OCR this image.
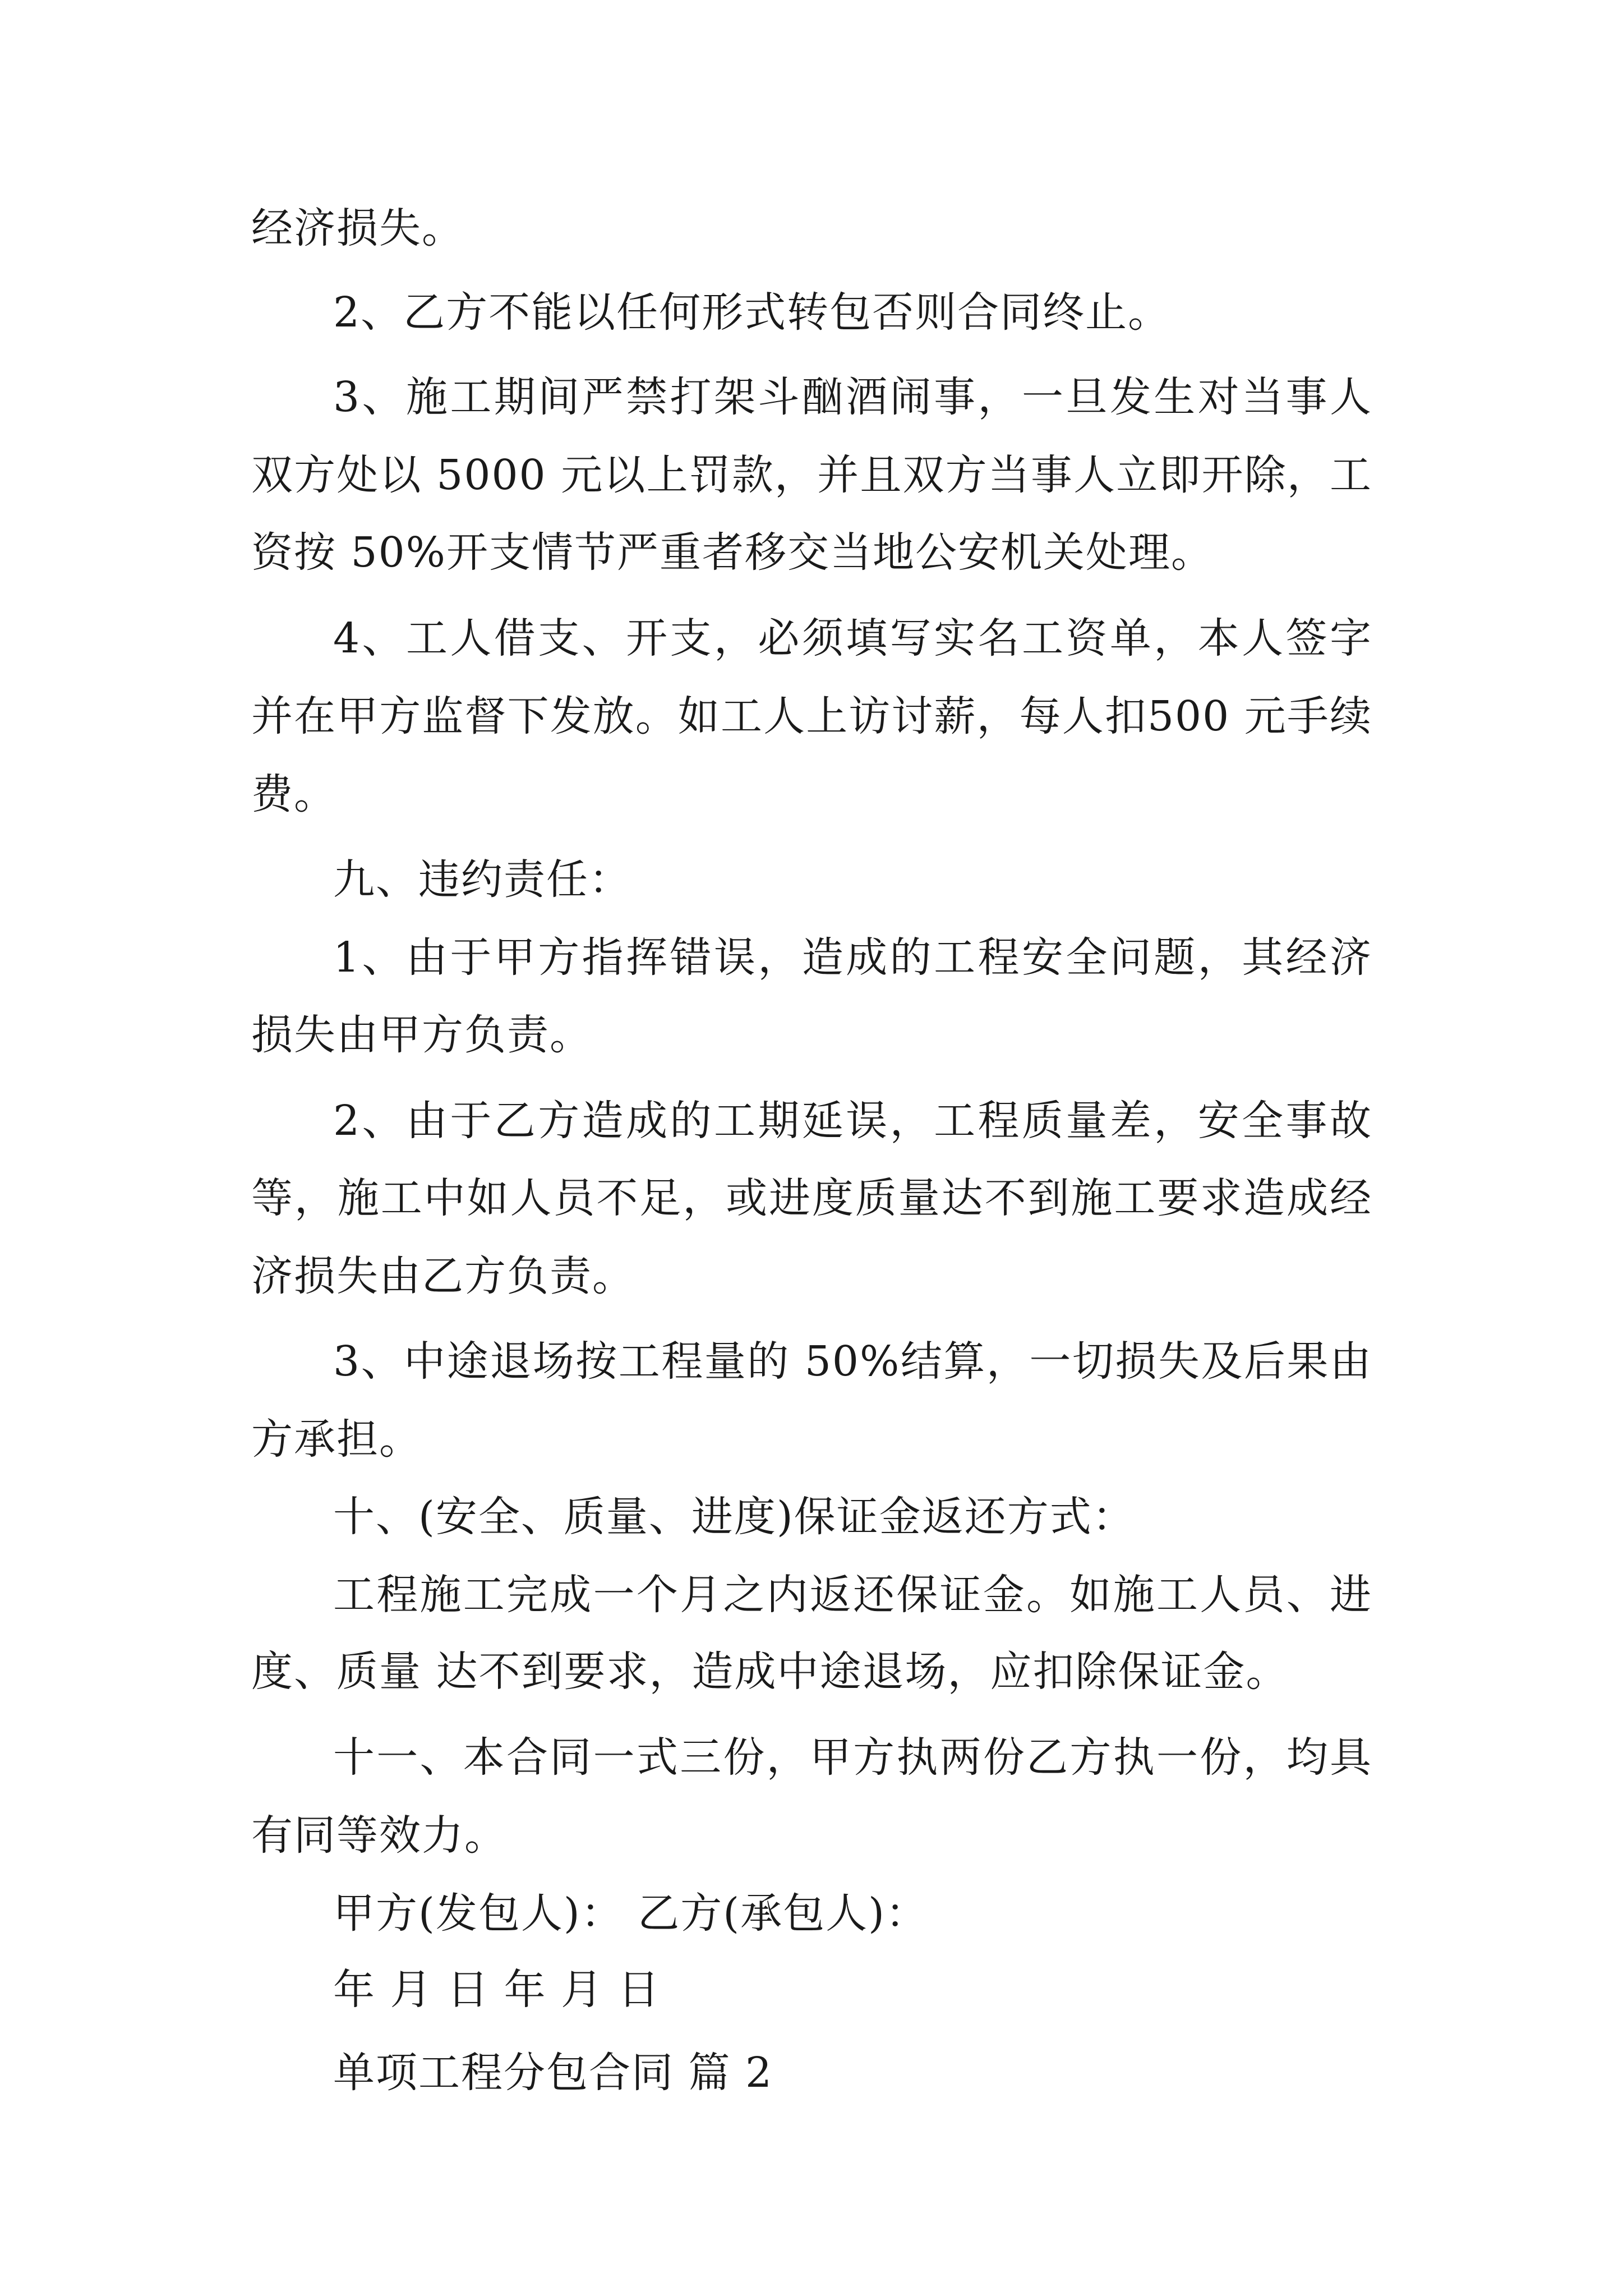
经济损失。
2、乙方不能以任何形式转包否则合同终止。
3、施工期间严禁打架斗酗酒闹事，一旦发生对当事人
双方处以 5000 元以上罚款，并且双方当事人立即开除，工
资按 50%开支情节严重者移交当地公安机关处理。
4、工人借支、开支，必须填写实名工资单，本人签字
并在甲方监督下发放。如工人上访讨薪，每人扣500 元手续
费。
九、违约责任：
1、由于甲方指挥错误，造成的工程安全问题，其经济
损失由甲方负责。
2、由于乙方造成的工期延误，工程质量差，安全事故
等，施工中如人员不足，或进度质量达不到施工要求造成经
济损失由乙方负责。
3、中途退场按工程量的 50%结算，一切损失及后果由
方承担。
十、(安全、质量、进度)保证金返还方式：
工程施工完成一个月之内返还保证金。如施工人员、进
度、质量 达不到要求，造成中途退场，应扣除保证金。
十一、本合同一式三份，甲方执两份乙方执一份，均具
有同等效力。
甲方(发包人)： 乙方(承包人)：
年 月 日 年 月 日
单项工程分包合同 篇 2
